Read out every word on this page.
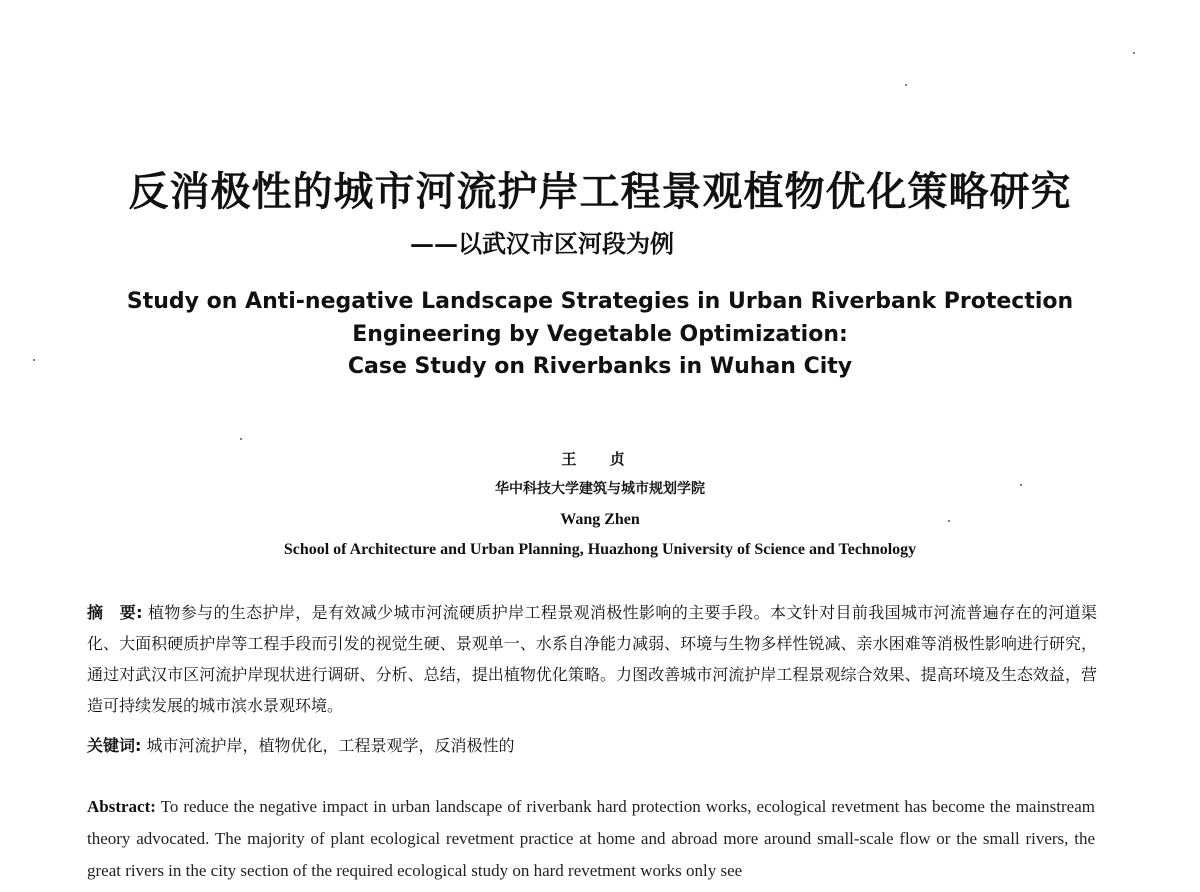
反消极性的城市河流护岸工程景观植物优化策略研究
——以武汉市区河段为例
Study on Anti-negative Landscape Strategies in Urban Riverbank Protection
Engineering by Vegetable Optimization:
Case Study on Riverbanks in Wuhan City
王 贞
华中科技大学建筑与城市规划学院
Wang Zhen
School of Architecture and Urban Planning, Huazhong University of Science and Technology
摘　要: 植物参与的生态护岸，是有效减少城市河流硬质护岸工程景观消极性影响的主要手段。本文针对目前我国城市河流普遍存在的河道渠化、大面积硬质护岸等工程手段而引发的视觉生硬、景观单一、水系自净能力减弱、环境与生物多样性锐减、亲水困难等消极性影响进行研究，通过对武汉市区河流护岸现状进行调研、分析、总结，提出植物优化策略。力图改善城市河流护岸工程景观综合效果、提高环境及生态效益，营造可持续发展的城市滨水景观环境。
关键词: 城市河流护岸，植物优化，工程景观学，反消极性的
Abstract: To reduce the negative impact in urban landscape of riverbank hard protection works, ecological revetment has become the mainstream theory advocated. The majority of plant ecological revetment practice at home and abroad more around small-scale flow or the small rivers, the great rivers in the city section of the required ecological study on hard revetment works only see
